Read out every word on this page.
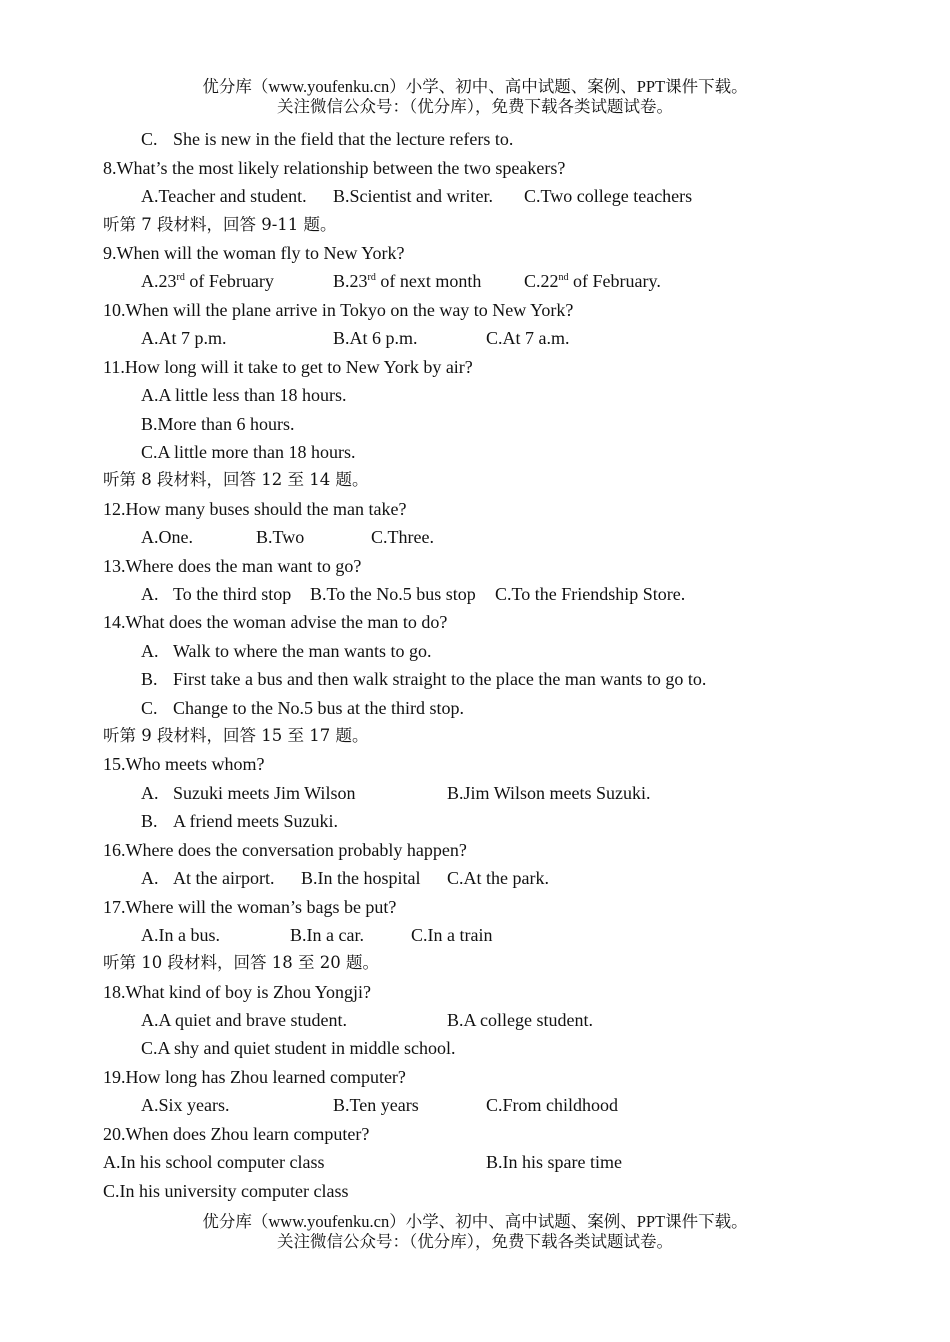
优分库（www.youfenku.cn）小学、初中、高中试题、案例、PPT课件下载。
关注微信公众号：（优分库），免费下载各类试题试卷。
C. She is new in the field that the lecture refers to.
8.What’s the most likely relationship between the two speakers?
A.Teacher and student. B.Scientist and writer. C.Two college teachers
听第 7 段材料，回答 9-11 题。
9.When will the woman fly to New York?
A.23rd of February	B.23rd of next month C.22nd of February.
10.When will the plane arrive in Tokyo on the way to New York?
A.At 7 p.m.	B.At 6 p.m.	C.At 7 a.m.
11.How long will it take to get to New York by air?
A.A little less than 18 hours.
B.More than 6 hours.
C.A little more than 18 hours.
听第 8 段材料，回答 12 至 14 题。
12.How many buses should the man take?
A.One.	B.Two	C.Three.
13.Where does the man want to go?
A. To the third stop B.To the No.5 bus stop C.To the Friendship Store.
14.What does the woman advise the man to do?
A. Walk to where the man wants to go.
B. First take a bus and then walk straight to the place the man wants to go to.
C. Change to the No.5 bus at the third stop.
听第 9 段材料，回答 15 至 17 题。
15.Who meets whom?
A. Suzuki meets Jim Wilson	B.Jim Wilson meets Suzuki.
B. A friend meets Suzuki.
16.Where does the conversation probably happen?
A. At the airport. B.In the hospital C.At the park.
17.Where will the woman’s bags be put?
A.In a bus.	B.In a car.	C.In a train
听第 10 段材料，回答 18 至 20 题。
18.What kind of boy is Zhou Yongji?
A.A quiet and brave student.	B.A college student.
C.A shy and quiet student in middle school.
19.How long has Zhou learned computer?
A.Six years.	B.Ten years	C.From childhood
20.When does Zhou learn computer?
A.In his school computer class	B.In his spare time
C.In his university computer class
优分库（www.youfenku.cn）小学、初中、高中试题、案例、PPT课件下载。
关注微信公众号：（优分库），免费下载各类试题试卷。
